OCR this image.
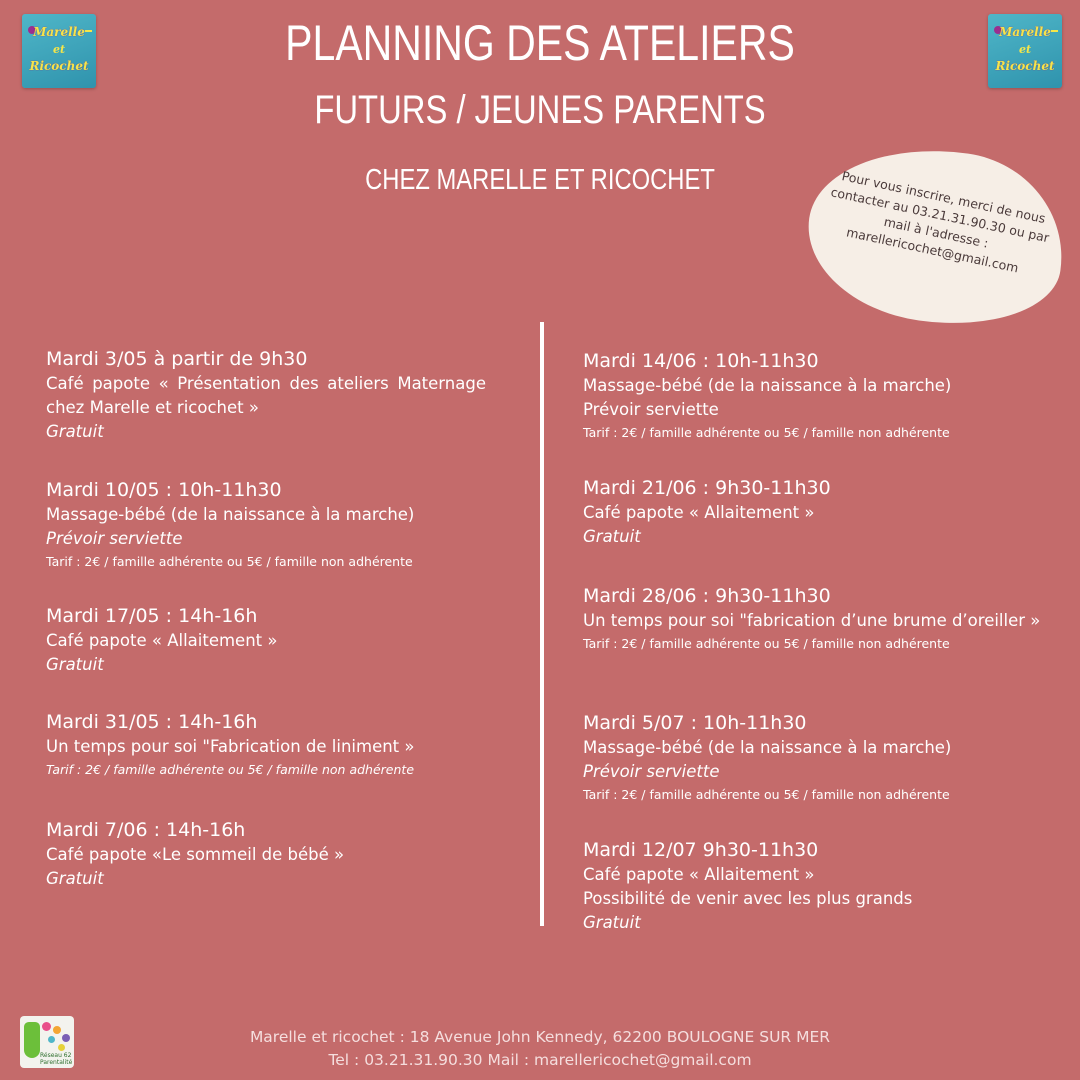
Marelle
et
Ricochet
Marelle
et
Ricochet
PLANNING DES ATELIERS
FUTURS / JEUNES PARENTS
CHEZ MARELLE ET RICOCHET	Pour vous inscrire, merci de nous contacter au 03.21.31.90.30 ou par mail à l'adresse : marellericochet@gmail.com
Mardi 3/05 à partir de 9h30
Café papote « Présentation des ateliers Maternage chez Marelle et ricochet »
Gratuit
Mardi 10/05 : 10h-11h30
Massage-bébé (de la naissance à la marche)
Prévoir serviette
Tarif : 2€ / famille adhérente ou 5€ / famille non adhérente
Mardi 17/05 : 14h-16h
Café papote « Allaitement »
Gratuit
Mardi 31/05 : 14h-16h
Un temps pour soi "Fabrication de liniment »
Tarif : 2€ / famille adhérente ou 5€ / famille non adhérente
Mardi 7/06 : 14h-16h
Café papote «Le sommeil de bébé »
Gratuit
Mardi 14/06 : 10h-11h30
Massage-bébé (de la naissance à la marche)
Prévoir serviette
Tarif : 2€ / famille adhérente ou 5€ / famille non adhérente
Mardi 21/06 : 9h30-11h30
Café papote « Allaitement »
Gratuit
Mardi 28/06 : 9h30-11h30
Un temps pour soi "fabrication d’une brume d’oreiller »
Tarif : 2€ / famille adhérente ou 5€ / famille non adhérente
Mardi 5/07 : 10h-11h30
Massage-bébé (de la naissance à la marche)
Prévoir serviette
Tarif : 2€ / famille adhérente ou 5€ / famille non adhérente
Mardi 12/07 9h30-11h30
Café papote « Allaitement »
Possibilité de venir avec les plus grands
Gratuit
Réseau 62 Parentalité
Marelle et ricochet : 18 Avenue John Kennedy, 62200 BOULOGNE SUR MER
Tel : 03.21.31.90.30 Mail : marellericochet@gmail.com
